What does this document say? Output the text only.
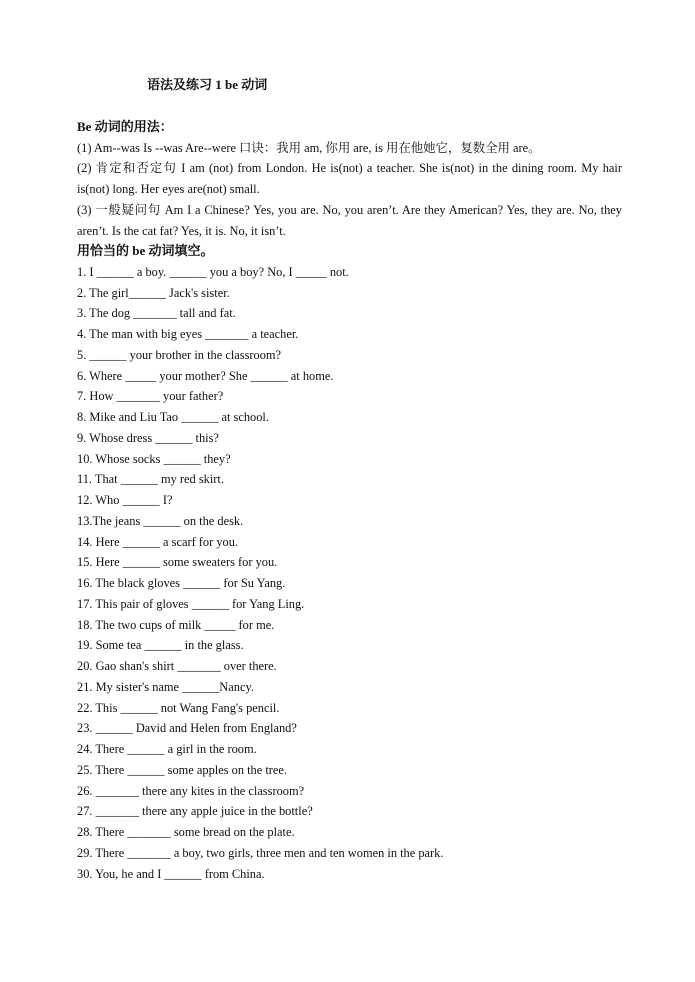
语法及练习 1 be 动词
Be 动词的用法：
(1) Am--was Is --was Are--were 口诀：我用 am, 你用 are, is 用在他她它，复数全用 are。
(2) 肯定和否定句 I am (not) from London. He is(not) a teacher. She is(not) in the dining room. My hair is(not) long. Her eyes are(not) small.
(3) 一般疑问句 Am I a Chinese? Yes, you are. No, you aren’t. Are they American? Yes, they are. No, they aren’t. Is the cat fat? Yes, it is. No, it isn’t.
用恰当的 be 动词填空。
1. I ______ a boy. ______ you a boy? No, I _____ not.
2. The girl______ Jack's sister.
3. The dog _______ tall and fat.
4. The man with big eyes _______ a teacher.
5. ______ your brother in the classroom?
6. Where _____ your mother? She ______ at home.
7. How _______ your father?
8. Mike and Liu Tao ______ at school.
9. Whose dress ______ this?
10. Whose socks ______ they?
11. That ______ my red skirt.
12. Who ______ I?
13.The jeans ______ on the desk.
14. Here ______ a scarf for you.
15. Here ______ some sweaters for you.
16. The black gloves ______ for Su Yang.
17. This pair of gloves ______ for Yang Ling.
18. The two cups of milk _____ for me.
19. Some tea ______ in the glass.
20. Gao shan's shirt _______ over there.
21. My sister's name ______Nancy.
22. This ______ not Wang Fang's pencil.
23. ______ David and Helen from England?
24. There ______ a girl in the room.
25. There ______ some apples on the tree.
26. _______ there any kites in the classroom?
27. _______ there any apple juice in the bottle?
28. There _______ some bread on the plate.
29. There _______ a boy, two girls, three men and ten women in the park.
30. You, he and I ______ from China.
